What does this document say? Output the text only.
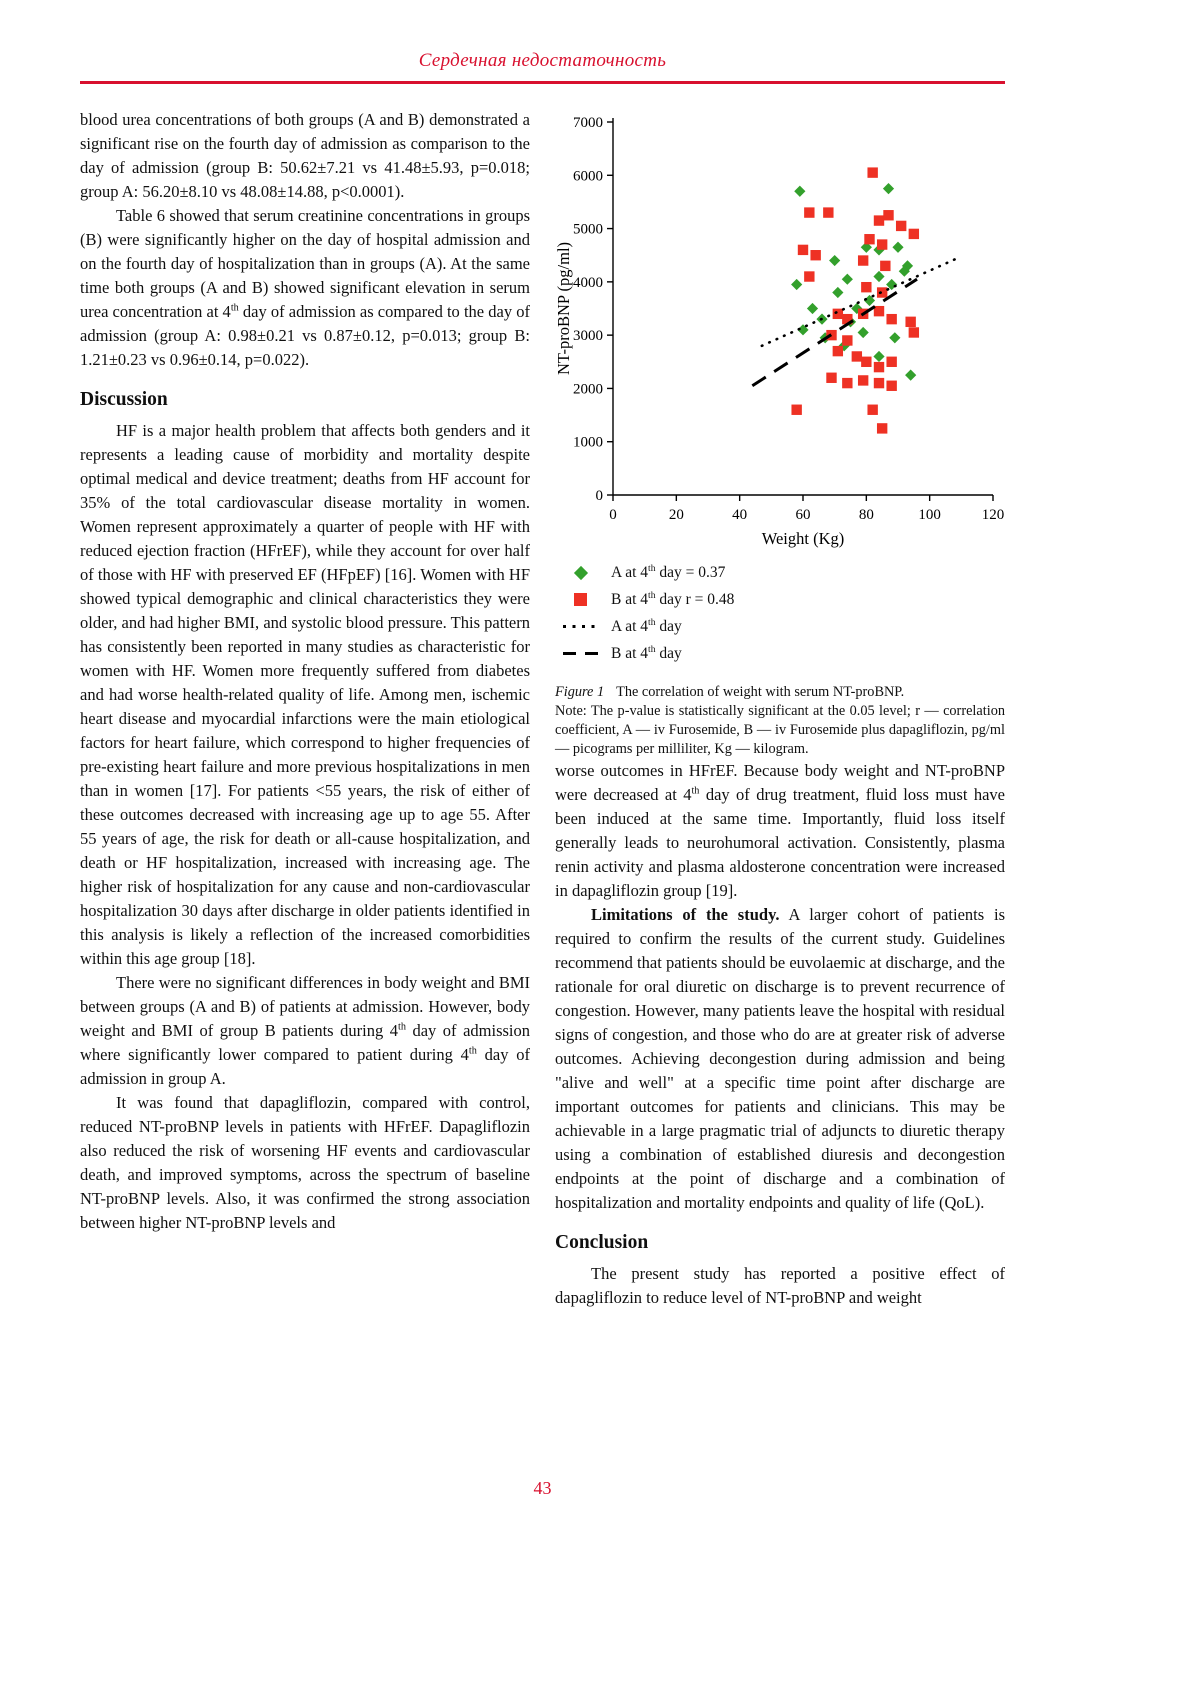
Сердечная недостаточность

blood urea concentrations of both groups (A and B) demonstrated a significant rise on the fourth day of admission as comparison to the day of admission (group B: 50.62±7.21 vs 41.48±5.93, p=0.018; group A: 56.20±8.10 vs 48.08±14.88, p<0.0001).

Table 6 showed that serum creatinine concentrations in groups (B) were significantly higher on the day of hospital admission and on the fourth day of hospitalization than in groups (A). At the same time both groups (A and B) showed significant elevation in serum urea concentration at 4th day of admission as compared to the day of admission (group A: 0.98±0.21 vs 0.87±0.12, p=0.013; group B: 1.21±0.23 vs 0.96±0.14, p=0.022).

Discussion

HF is a major health problem that affects both genders and it represents a leading cause of morbidity and mortality despite optimal medical and device treatment; deaths from HF account for 35% of the total cardiovascular disease mortality in women. Women represent approximately a quarter of people with HF with reduced ejection fraction (HFrEF), while they account for over half of those with HF with preserved EF (HFpEF) [16]. Women with HF showed typical demographic and clinical characteristics they were older, and had higher BMI, and systolic blood pressure. This pattern has consistently been reported in many studies as characteristic for women with HF. Women more frequently suffered from diabetes and had worse health-related quality of life. Among men, ischemic heart disease and myocardial infarctions were the main etiological factors for heart failure, which correspond to higher frequencies of pre-existing heart failure and more previous hospitalizations in men than in women [17]. For patients <55 years, the risk of either of these outcomes decreased with increasing age up to age 55. After 55 years of age, the risk for death or all-cause hospitalization, and death or HF hospitalization, increased with increasing age. The higher risk of hospitalization for any cause and non-cardiovascular hospitalization 30 days after discharge in older patients identified in this analysis is likely a reflection of the increased comorbidities within this age group [18].

There were no significant differences in body weight and BMI between groups (A and B) of patients at admission. However, body weight and BMI of group B patients during 4th day of admission where significantly lower compared to patient during 4th day of admission in group A.

It was found that dapagliflozin, compared with control, reduced NT-proBNP levels in patients with HFrEF. Dapagliflozin also reduced the risk of worsening HF events and cardiovascular death, and improved symptoms, across the spectrum of baseline NT-proBNP levels. Also, it was confirmed the strong association between higher NT-proBNP levels and

0
1000
2000
3000
4000
5000
6000
7000
0	20	40	60	80	100	120
Weight (Kg)
NT-proBNP (pg/ml)
A at 4th day = 0.37
B at 4th day r = 0.48
A at 4th day
B at 4th day
Figure 1 The correlation of weight with serum NT-proBNP.
Note: The p-value is statistically significant at the 0.05 level; r — correlation coefficient, A — iv Furosemide, B — iv Furosemide plus dapagliflozin, pg/ml — picograms per milliliter, Kg — kilogram.

worse outcomes in HFrEF. Because body weight and NT-proBNP were decreased at 4th day of drug treatment, fluid loss must have been induced at the same time. Importantly, fluid loss itself generally leads to neurohumoral activation. Consistently, plasma renin activity and plasma aldosterone concentration were increased in dapagliflozin group [19].

Limitations of the study. A larger cohort of patients is required to confirm the results of the current study. Guidelines recommend that patients should be euvolaemic at discharge, and the rationale for oral diuretic on discharge is to prevent recurrence of congestion. However, many patients leave the hospital with residual signs of congestion, and those who do are at greater risk of adverse outcomes. Achieving decongestion during admission and being "alive and well" at a specific time point after discharge are important outcomes for patients and clinicians. This may be achievable in a large pragmatic trial of adjuncts to diuretic therapy using a combination of established diuresis and decongestion endpoints at the point of discharge and a combination of hospitalization and mortality endpoints and quality of life (QoL).

Conclusion

The present study has reported a positive effect of dapagliflozin to reduce level of NT-proBNP and weight

43
